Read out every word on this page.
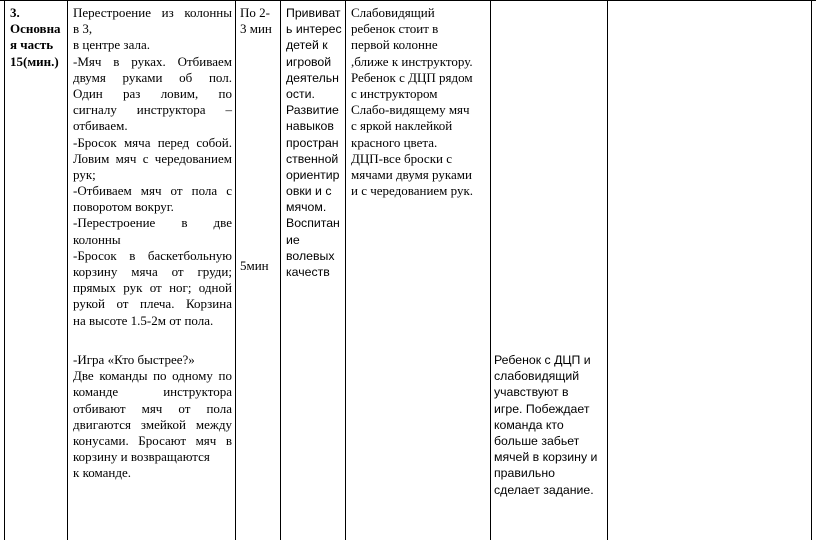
3.
Основна
я часть
15(мин.)
Перестроение из колонны
в 3,
в центре зала.
-Мяч в руках. Отбиваем
двумя руками об пол.
Один раз ловим, по
сигналу инструктора –
отбиваем.
-Бросок мяча перед собой.
Ловим мяч с чередованием
рук;
-Отбиваем мяч от пола с
поворотом вокруг.
-Перестроение в две
колонны
-Бросок в баскетбольную
корзину мяча от груди;
прямых рук от ног; одной
рукой от плеча. Корзина
на высоте 1.5-2м от пола.
-Игра «Кто быстрее?»
Две команды по одному по
команде	инструктора
отбивают мяч от пола
двигаются змейкой между
конусами. Бросают мяч в
корзину и возвращаются
к команде.
По 2-
3 мин
5мин
Прививат
ь интерес
детей к
игровой
деятельн
ости.
Развитие
навыков
простран
ственной
ориентир
овки и с
мячом.
Воспитан
ие
волевых
качеств
Слабовидящий
ребенок стоит в
первой колонне
,ближе к инструктору.
Ребенок с ДЦП рядом
с инструктором
Слабо-видящему мяч
с яркой наклейкой
красного цвета.
ДЦП-все броски с
мячами двумя руками
и с чередованием рук.
Ребенок с ДЦП и
слабовидящий
учавствуют в
игре. Побеждает
команда кто
больше забьет
мячей в корзину и
правильно
сделает задание.
